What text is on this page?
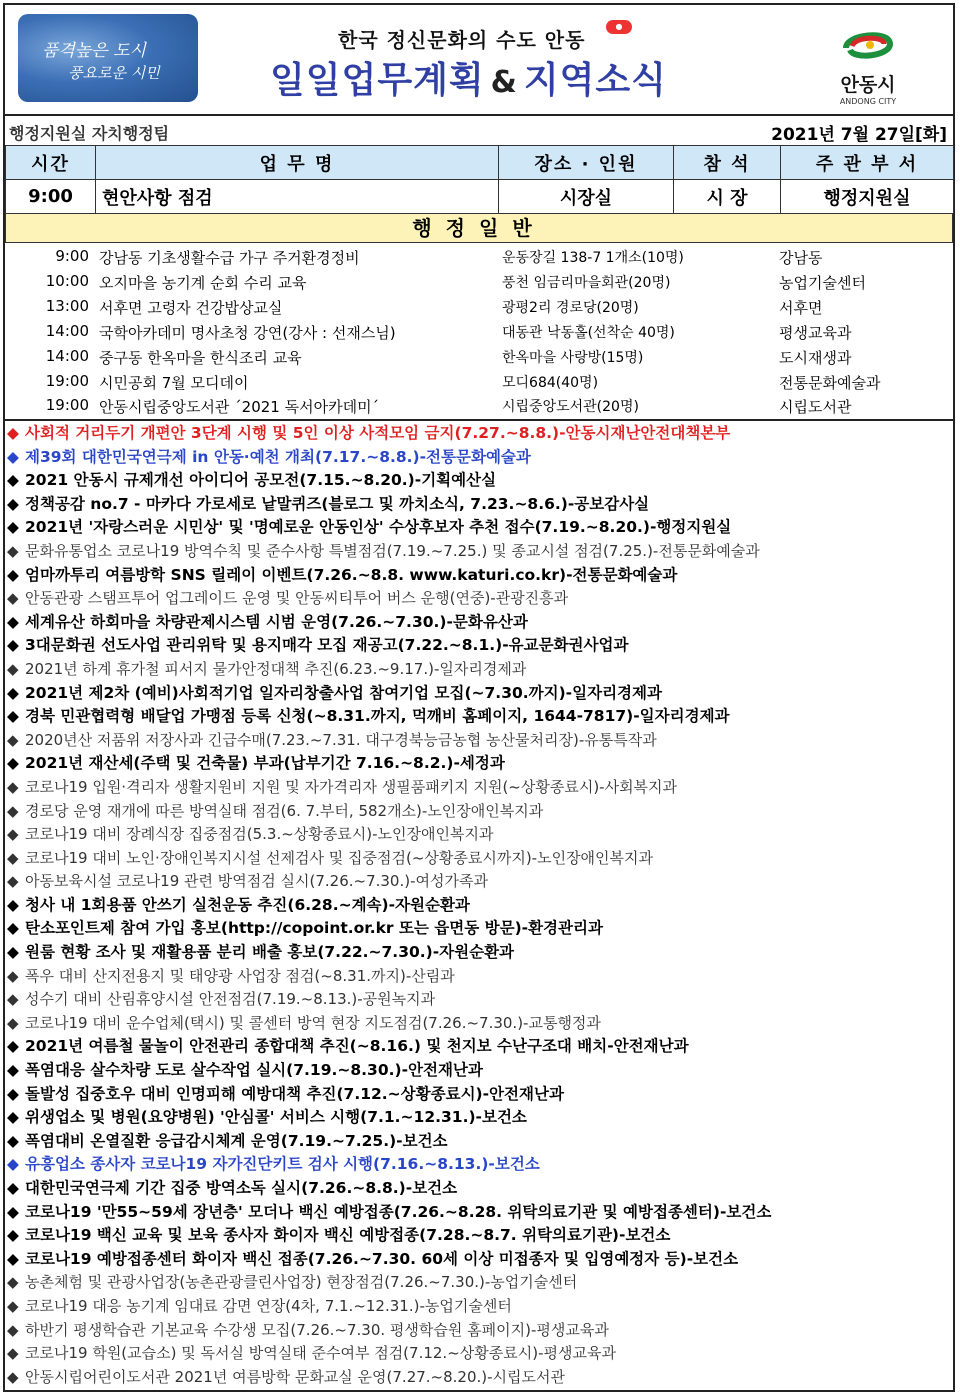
품격높은 도시
풍요로운 시민
한국 정신문화의 수도 안동
●
일일업무계획 & 지역소식	안동시
ANDONG CITY
행정지원실 자치행정팀	2021년 7월 27일[화]
시간	업 무 명	장소 · 인원	참 석	주 관 부 서
9:00	현안사항 점검	시장실	시 장	행정지원실
행정일반
9:00 강남동 기초생활수급 가구 주거환경정비	운동장길 138-7 1개소(10명)	강남동
10:00 오지마을 농기계 순회 수리 교육	풍천 임금리마을회관(20명)	농업기술센터
13:00 서후면 고령자 건강밥상교실	광평2리 경로당(20명)	서후면
14:00 국학아카데미 명사초청 강연(강사 : 선재스님)	대동관 낙동홀(선착순 40명)	평생교육과
14:00 중구동 한옥마을 한식조리 교육	한옥마을 사랑방(15명)	도시재생과
19:00 시민공회 7월 모디데이	모디684(40명)	전통문화예술과
19:00 안동시립중앙도서관 ´2021 독서아카데미´	시립중앙도서관(20명)	시립도서관
◆ 사회적 거리두기 개편안 3단계 시행 및 5인 이상 사적모임 금지(7.27.~8.8.)-안동시재난안전대책본부
◆ 제39회 대한민국연극제 in 안동·예천 개최(7.17.~8.8.)-전통문화예술과
◆ 2021 안동시 규제개선 아이디어 공모전(7.15.~8.20.)-기획예산실
◆ 정책공감 no.7 - 마카다 가로세로 낱말퀴즈(블로그 및 까치소식, 7.23.~8.6.)-공보감사실
◆ 2021년 '자랑스러운 시민상' 및 '명예로운 안동인상' 수상후보자 추천 접수(7.19.~8.20.)-행정지원실
◆ 문화유통업소 코로나19 방역수칙 및 준수사항 특별점검(7.19.~7.25.) 및 종교시설 점검(7.25.)-전통문화예술과
◆ 엄마까투리 여름방학 SNS 릴레이 이벤트(7.26.~8.8. www.katuri.co.kr)-전통문화예술과
◆ 안동관광 스탬프투어 업그레이드 운영 및 안동씨티투어 버스 운행(연중)-관광진흥과
◆ 세계유산 하회마을 차량관제시스템 시범 운영(7.26.~7.30.)-문화유산과
◆ 3대문화권 선도사업 관리위탁 및 용지매각 모집 재공고(7.22.~8.1.)-유교문화권사업과
◆ 2021년 하계 휴가철 피서지 물가안정대책 추진(6.23.~9.17.)-일자리경제과
◆ 2021년 제2차 (예비)사회적기업 일자리창출사업 참여기업 모집(~7.30.까지)-일자리경제과
◆ 경북 민관협력형 배달업 가맹점 등록 신청(~8.31.까지, 먹깨비 홈페이지, 1644-7817)-일자리경제과
◆ 2020년산 저품위 저장사과 긴급수매(7.23.~7.31. 대구경북능금농협 농산물처리장)-유통특작과
◆ 2021년 재산세(주택 및 건축물) 부과(납부기간 7.16.~8.2.)-세정과
◆ 코로나19 입원·격리자 생활지원비 지원 및 자가격리자 생필품패키지 지원(~상황종료시)-사회복지과
◆ 경로당 운영 재개에 따른 방역실태 점검(6. 7.부터, 582개소)-노인장애인복지과
◆ 코로나19 대비 장례식장 집중점검(5.3.~상황종료시)-노인장애인복지과
◆ 코로나19 대비 노인·장애인복지시설 선제검사 및 집중점검(~상황종료시까지)-노인장애인복지과
◆ 아동보육시설 코로나19 관련 방역점검 실시(7.26.~7.30.)-여성가족과
◆ 청사 내 1회용품 안쓰기 실천운동 추진(6.28.~계속)-자원순환과
◆ 탄소포인트제 참여 가입 홍보(http://copoint.or.kr 또는 읍면동 방문)-환경관리과
◆ 원룸 현황 조사 및 재활용품 분리 배출 홍보(7.22.~7.30.)-자원순환과
◆ 폭우 대비 산지전용지 및 태양광 사업장 점검(~8.31.까지)-산림과
◆ 성수기 대비 산림휴양시설 안전점검(7.19.~8.13.)-공원녹지과
◆ 코로나19 대비 운수업체(택시) 및 콜센터 방역 현장 지도점검(7.26.~7.30.)-교통행정과
◆ 2021년 여름철 물놀이 안전관리 종합대책 추진(~8.16.) 및 천지보 수난구조대 배치-안전재난과
◆ 폭염대응 살수차량 도로 살수작업 실시(7.19.~8.30.)-안전재난과
◆ 돌발성 집중호우 대비 인명피해 예방대책 추진(7.12.~상황종료시)-안전재난과
◆ 위생업소 및 병원(요양병원) '안심콜' 서비스 시행(7.1.~12.31.)-보건소
◆ 폭염대비 온열질환 응급감시체계 운영(7.19.~7.25.)-보건소
◆ 유흥업소 종사자 코로나19 자가진단키트 검사 시행(7.16.~8.13.)-보건소
◆ 대한민국연극제 기간 집중 방역소독 실시(7.26.~8.8.)-보건소
◆ 코로나19 '만55~59세 장년층' 모더나 백신 예방접종(7.26.~8.28. 위탁의료기관 및 예방접종센터)-보건소
◆ 코로나19 백신 교육 및 보육 종사자 화이자 백신 예방접종(7.28.~8.7. 위탁의료기관)-보건소
◆ 코로나19 예방접종센터 화이자 백신 접종(7.26.~7.30. 60세 이상 미접종자 및 입영예정자 등)-보건소
◆ 농촌체험 및 관광사업장(농촌관광클린사업장) 현장점검(7.26.~7.30.)-농업기술센터
◆ 코로나19 대응 농기계 임대료 감면 연장(4차, 7.1.~12.31.)-농업기술센터
◆ 하반기 평생학습관 기본교육 수강생 모집(7.26.~7.30. 평생학습원 홈페이지)-평생교육과
◆ 코로나19 학원(교습소) 및 독서실 방역실태 준수여부 점검(7.12.~상황종료시)-평생교육과
◆ 안동시립어린이도서관 2021년 여름방학 문화교실 운영(7.27.~8.20.)-시립도서관
